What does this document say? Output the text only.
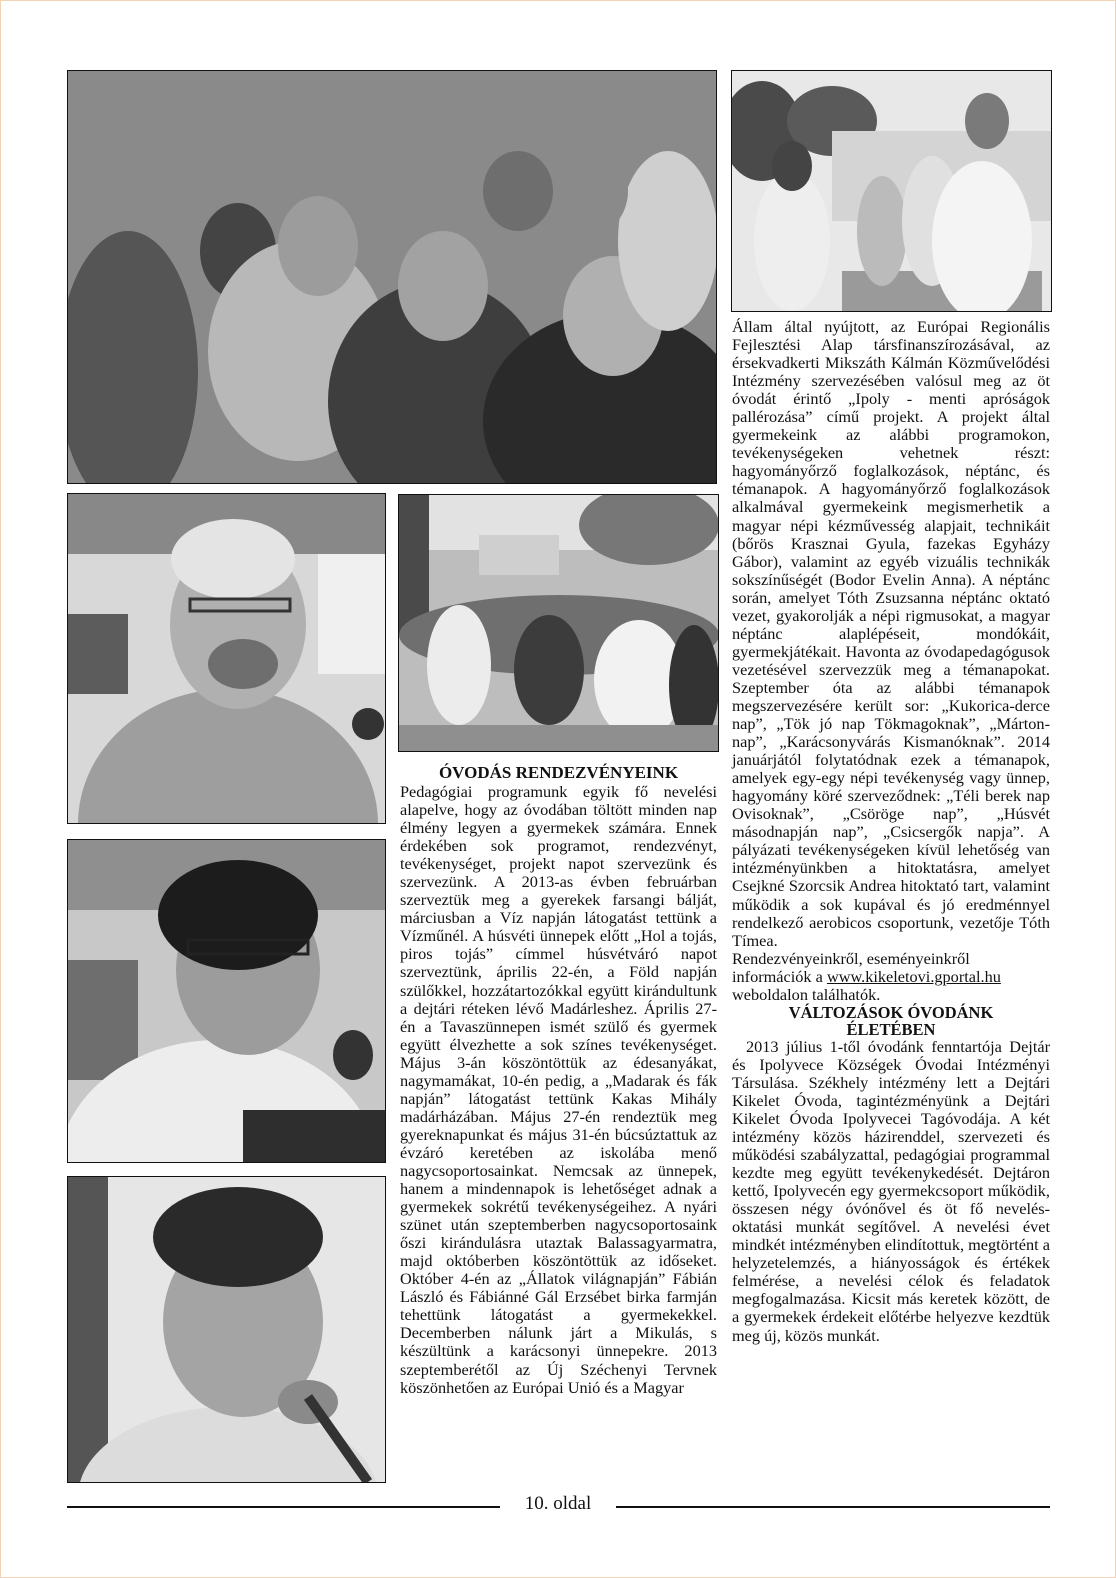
ÓVODÁS RENDEZVÉNYEINK

Pedagógiai programunk egyik fő nevelési alapelve, hogy az óvodában töltött minden nap élmény legyen a gyermekek számára. Ennek érdekében sok programot, rendezvényt, tevékenységet, projekt napot szervezünk és szervezünk. A 2013-as évben februárban szerveztük meg a gyerekek farsangi bálját, márciusban a Víz napján látogatást tettünk a Vízműnél. A húsvéti ünnepek előtt „Hol a tojás, piros tojás” címmel húsvétváró napot szerveztünk, április 22-én, a Föld napján szülőkkel, hozzátartozókkal együtt kirándultunk a dejtári réteken lévő Madárleshez. Április 27-én a Tavaszünnepen ismét szülő és gyermek együtt élvezhette a sok színes tevékenységet. Május 3-án köszöntöttük az édesanyákat, nagymamákat, 10-én pedig, a „Madarak és fák napján” látogatást tettünk Kakas Mihály madárházában. Május 27-én rendeztük meg gyereknapunkat és május 31-én búcsúztattuk az évzáró keretében az iskolába menő nagycsoportosainkat. Nemcsak az ünnepek, hanem a mindennapok is lehetőséget adnak a gyermekek sokrétű tevékenységeihez. A nyári szünet után szeptemberben nagycsoportosaink őszi kirándulásra utaztak Balassagyarmatra, majd októberben köszöntöttük az időseket. Október 4-én az „Állatok világnapján” Fábián László és Fábiánné Gál Erzsébet birka farmján tehettünk látogatást a gyermekekkel. Decemberben nálunk járt a Mikulás, s készültünk a karácsonyi ünnepekre. 2013 szeptemberétől az Új Széchenyi Tervnek köszönhetően az Európai Unió és a Magyar

Állam által nyújtott, az Európai Regionális Fejlesztési Alap társfinanszírozásával, az érsekvadkerti Mikszáth Kálmán Közművelődési Intézmény szervezésében valósul meg az öt óvodát érintő „Ipoly - menti apróságok pallérozása” című projekt. A projekt által gyermekeink az alábbi programokon, tevékenységeken vehetnek részt: hagyományőrző foglalkozások, néptánc, és témanapok. A hagyományőrző foglalkozások alkalmával gyermekeink megismerhetik a magyar népi kézművesség alapjait, technikáit (bőrös Krasznai Gyula, fazekas Egyházy Gábor), valamint az egyéb vizuális technikák sokszínűségét (Bodor Evelin Anna). A néptánc során, amelyet Tóth Zsuzsanna néptánc oktató vezet, gyakorolják a népi rigmusokat, a magyar néptánc alaplépéseit, mondókáit, gyermekjátékait. Havonta az óvodapedagógusok vezetésével szervezzük meg a témanapokat. Szeptember óta az alábbi témanapok megszervezésére került sor: „Kukorica-derce nap”, „Tök jó nap Tökmagoknak”, „Márton-nap”, „Karácsonyvárás Kismanóknak”. 2014 januárjától folytatódnak ezek a témanapok, amelyek egy-egy népi tevékenység vagy ünnep, hagyomány köré szerveződnek: „Téli berek nap Ovisoknak”, „Csöröge nap”, „Húsvét másodnapján nap”, „Csicsergők napja”. A pályázati tevékenységeken kívül lehetőség van intézményünkben a hitoktatásra, amelyet Csejkné Szorcsik Andrea hitoktató tart, valamint működik a sok kupával és jó eredménnyel rendelkező aerobicos csoportunk, vezetője Tóth Tímea.

Rendezvényeinkről, eseményeinkről információk a www.kikeletovi.gportal.hu weboldalon találhatók.

VÁLTOZÁSOK ÓVODÁNK ÉLETÉBEN

2013 július 1-től óvodánk fenntartója Dejtár és Ipolyvece Községek Óvodai Intézményi Társulása. Székhely intézmény lett a Dejtári Kikelet Óvoda, tagintézményünk a Dejtári Kikelet Óvoda Ipolyvecei Tagóvodája. A két intézmény közös házirenddel, szervezeti és működési szabályzattal, pedagógiai programmal kezdte meg együtt tevékenykedését. Dejtáron kettő, Ipolyvecén egy gyermekcsoport működik, összesen négy óvónővel és öt fő nevelés-oktatási munkát segítővel. A nevelési évet mindkét intézményben elindítottuk, megtörtént a helyzetelemzés, a hiányosságok és értékek felmérése, a nevelési célok és feladatok megfogalmazása. Kicsit más keretek között, de a gyermekek érdekeit előtérbe helyezve kezdtük meg új, közös munkát.

10. oldal
